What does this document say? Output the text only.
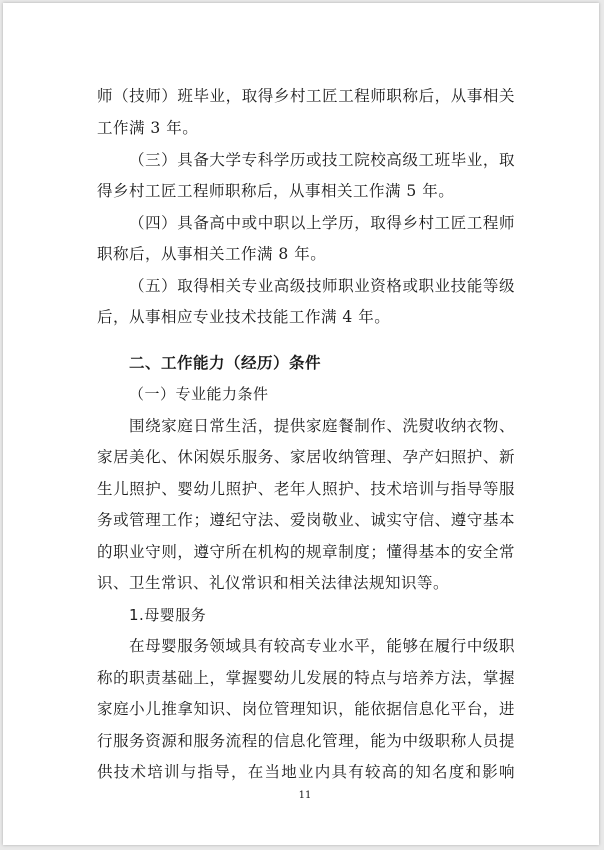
师（技师）班毕业，取得乡村工匠工程师职称后，从事相关
工作满 3 年。
（三）具备大学专科学历或技工院校高级工班毕业，取
得乡村工匠工程师职称后，从事相关工作满 5 年。
（四）具备高中或中职以上学历，取得乡村工匠工程师
职称后，从事相关工作满 8 年。
（五）取得相关专业高级技师职业资格或职业技能等级
后，从事相应专业技术技能工作满 4 年。
二、工作能力（经历）条件
（一）专业能力条件
围绕家庭日常生活，提供家庭餐制作、洗熨收纳衣物、
家居美化、休闲娱乐服务、家居收纳管理、孕产妇照护、新
生儿照护、婴幼儿照护、老年人照护、技术培训与指导等服
务或管理工作；遵纪守法、爱岗敬业、诚实守信、遵守基本
的职业守则，遵守所在机构的规章制度；懂得基本的安全常
识、卫生常识、礼仪常识和相关法律法规知识等。
1.母婴服务
在母婴服务领域具有较高专业水平，能够在履行中级职
称的职责基础上，掌握婴幼儿发展的特点与培养方法，掌握
家庭小儿推拿知识、岗位管理知识，能依据信息化平台，进
行服务资源和服务流程的信息化管理，能为中级职称人员提
供技术培训与指导，在当地业内具有较高的知名度和影响
11
